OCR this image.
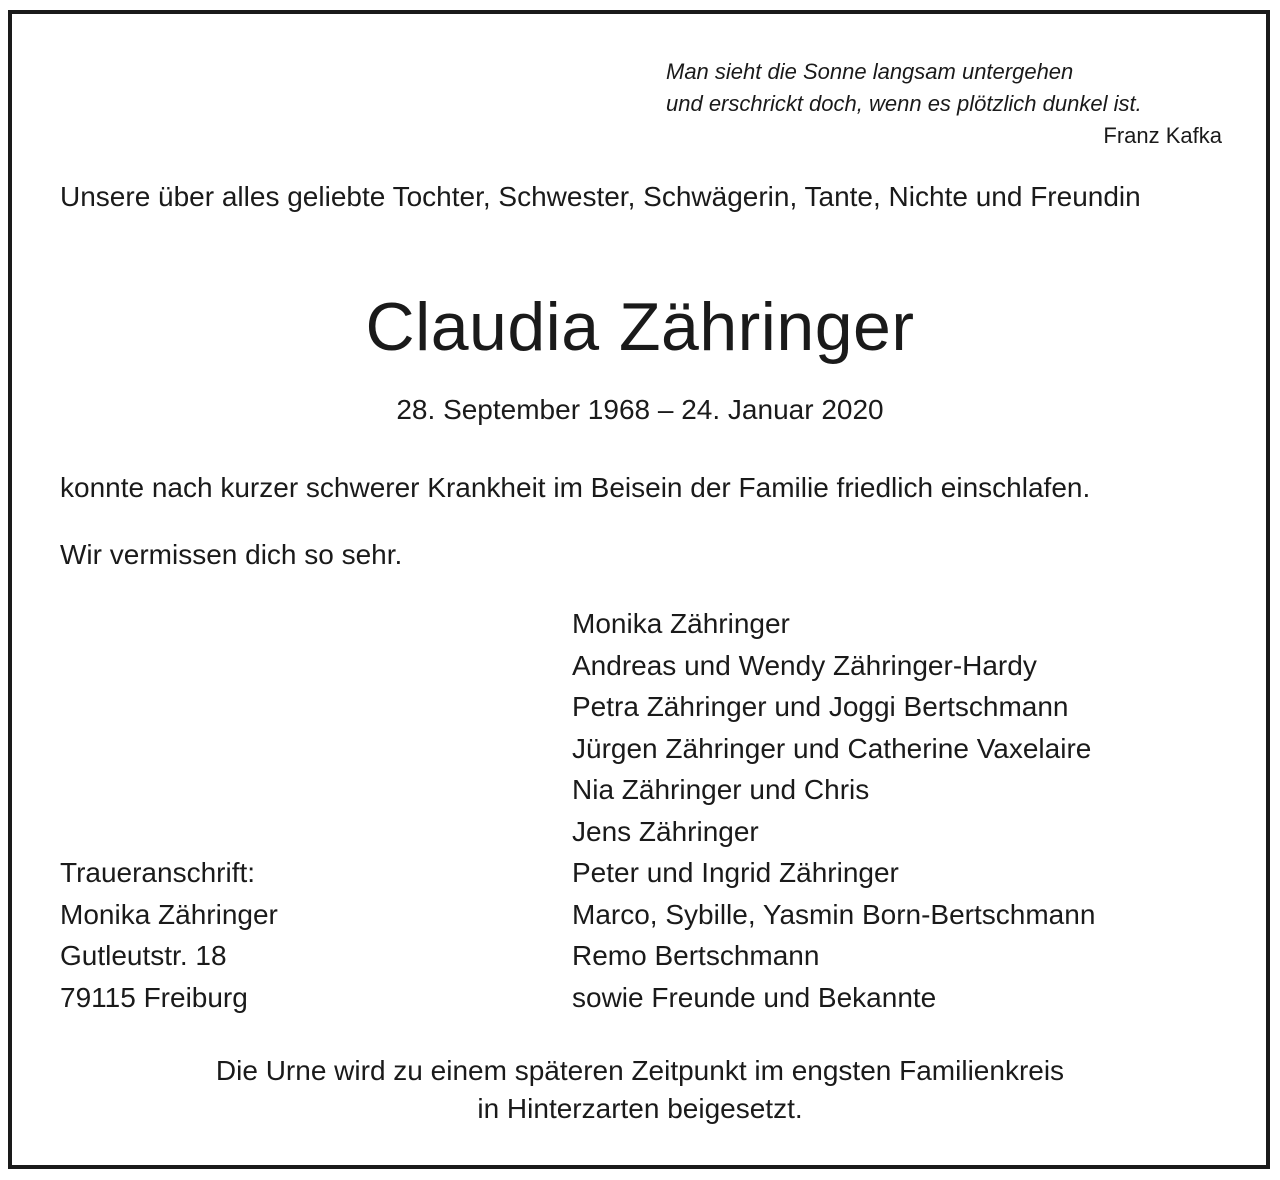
Man sieht die Sonne langsam untergehen
und erschrickt doch, wenn es plötzlich dunkel ist.
Franz Kafka
Unsere über alles geliebte Tochter, Schwester, Schwägerin, Tante, Nichte und Freundin
Claudia Zähringer
28. September 1968 – 24. Januar 2020
konnte nach kurzer schwerer Krankheit im Beisein der Familie friedlich einschlafen.
Wir vermissen dich so sehr.
Monika Zähringer
Andreas und Wendy Zähringer-Hardy
Petra Zähringer und Joggi Bertschmann
Jürgen Zähringer und Catherine Vaxelaire
Nia Zähringer und Chris
Jens Zähringer
Peter und Ingrid Zähringer
Marco, Sybille, Yasmin Born-Bertschmann
Remo Bertschmann
sowie Freunde und Bekannte
Traueranschrift:
Monika Zähringer
Gutleutstr. 18
79115 Freiburg
Die Urne wird zu einem späteren Zeitpunkt im engsten Familienkreis
in Hinterzarten beigesetzt.
